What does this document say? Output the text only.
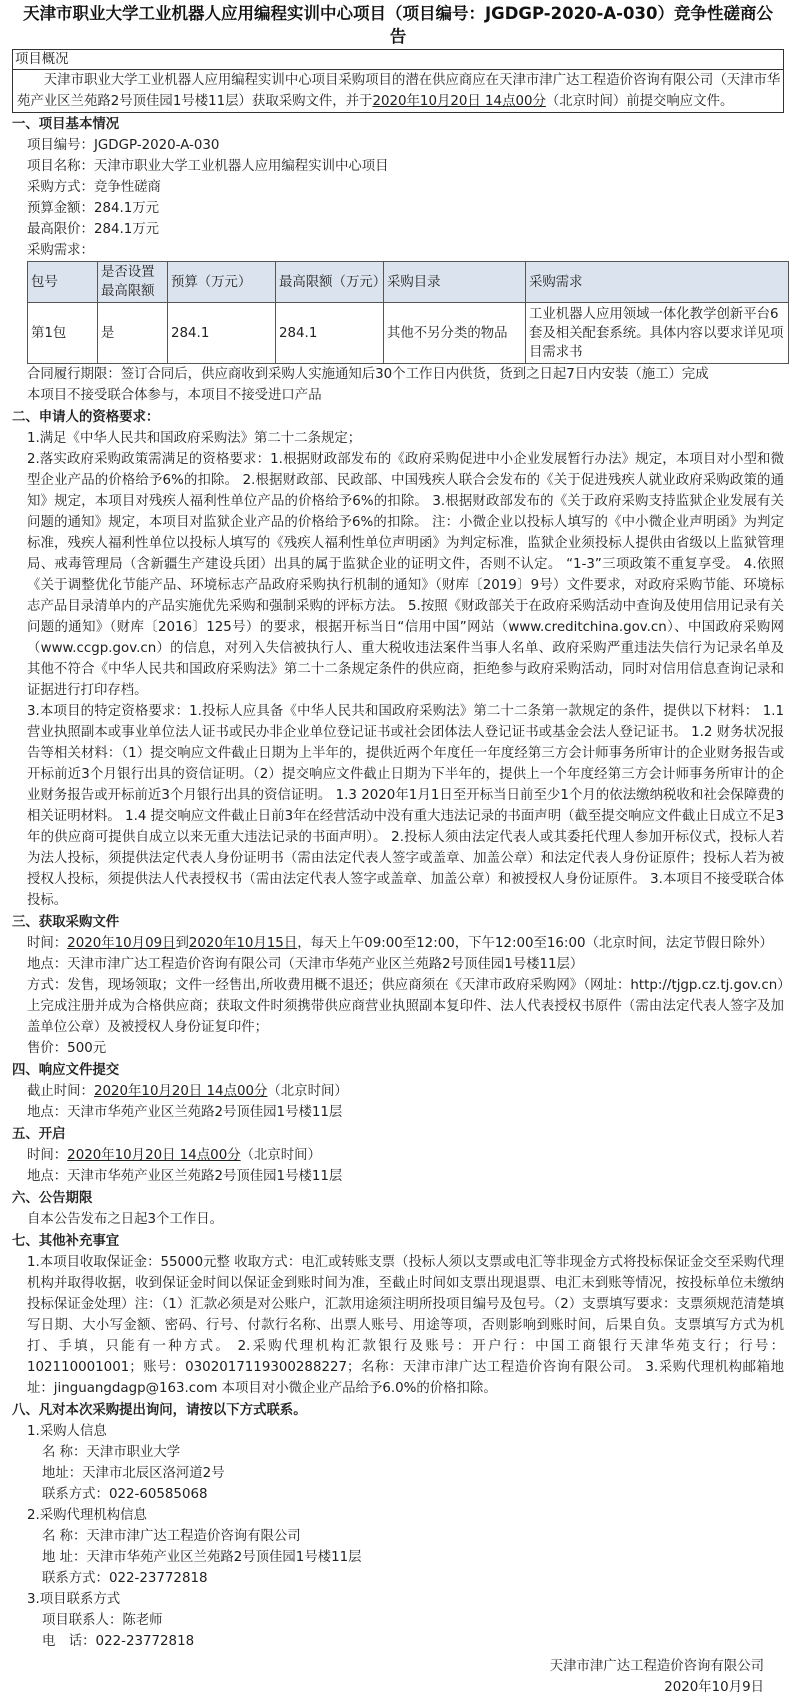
天津市职业大学工业机器人应用编程实训中心项目（项目编号：JGDGP-2020-A-030）竞争性磋商公告
项目概况
天津市职业大学工业机器人应用编程实训中心项目采购项目的潜在供应商应在天津市津广达工程造价咨询有限公司（天津市华苑产业区兰苑路2号顶佳园1号楼11层）获取采购文件，并于2020年10月20日 14点00分（北京时间）前提交响应文件。
一、项目基本情况
项目编号：JGDGP-2020-A-030
项目名称：天津市职业大学工业机器人应用编程实训中心项目
采购方式：竞争性磋商
预算金额：284.1万元
最高限价：284.1万元
采购需求：
包号	是否设置最高限额	预算（万元）	最高限额（万元）	采购目录	采购需求
第1包	是	284.1	284.1	其他不另分类的物品	工业机器人应用领域一体化教学创新平台6套及相关配套系统。具体内容以要求详见项目需求书
合同履行期限：签订合同后，供应商收到采购人实施通知后30个工作日内供货，货到之日起7日内安装（施工）完成
本项目不接受联合体参与，本项目不接受进口产品
二、申请人的资格要求：
1.满足《中华人民共和国政府采购法》第二十二条规定；
2.落实政府采购政策需满足的资格要求：1.根据财政部发布的《政府采购促进中小企业发展暂行办法》规定，本项目对小型和微型企业产品的价格给予6%的扣除。 2.根据财政部、民政部、中国残疾人联合会发布的《关于促进残疾人就业政府采购政策的通知》规定，本项目对残疾人福利性单位产品的价格给予6%的扣除。 3.根据财政部发布的《关于政府采购支持监狱企业发展有关问题的通知》规定，本项目对监狱企业产品的价格给予6%的扣除。 注：小微企业以投标人填写的《中小微企业声明函》为判定标准，残疾人福利性单位以投标人填写的《残疾人福利性单位声明函》为判定标准，监狱企业须投标人提供由省级以上监狱管理局、戒毒管理局（含新疆生产建设兵团）出具的属于监狱企业的证明文件，否则不认定。 “1-3”三项政策不重复享受。 4.依照《关于调整优化节能产品、环境标志产品政府采购执行机制的通知》（财库〔2019〕9号）文件要求，对政府采购节能、环境标志产品目录清单内的产品实施优先采购和强制采购的评标方法。 5.按照《财政部关于在政府采购活动中查询及使用信用记录有关问题的通知》（财库〔2016〕125号）的要求，根据开标当日“信用中国”网站（www.creditchina.gov.cn）、中国政府采购网（www.ccgp.gov.cn）的信息，对列入失信被执行人、重大税收违法案件当事人名单、政府采购严重违法失信行为记录名单及其他不符合《中华人民共和国政府采购法》第二十二条规定条件的供应商，拒绝参与政府采购活动，同时对信用信息查询记录和证据进行打印存档。
3.本项目的特定资格要求：1.投标人应具备《中华人民共和国政府采购法》第二十二条第一款规定的条件，提供以下材料： 1.1营业执照副本或事业单位法人证书或民办非企业单位登记证书或社会团体法人登记证书或基金会法人登记证书。 1.2 财务状况报告等相关材料：（1）提交响应文件截止日期为上半年的，提供近两个年度任一年度经第三方会计师事务所审计的企业财务报告或开标前近3个月银行出具的资信证明。（2）提交响应文件截止日期为下半年的，提供上一个年度经第三方会计师事务所审计的企业财务报告或开标前近3个月银行出具的资信证明。 1.3 2020年1月1日至开标当日前至少1个月的依法缴纳税收和社会保障费的相关证明材料。 1.4 提交响应文件截止日前3年在经营活动中没有重大违法记录的书面声明（截至提交响应文件截止日成立不足3年的供应商可提供自成立以来无重大违法记录的书面声明）。 2.投标人须由法定代表人或其委托代理人参加开标仪式，投标人若为法人投标，须提供法定代表人身份证明书（需由法定代表人签字或盖章、加盖公章）和法定代表人身份证原件；投标人若为被授权人投标，须提供法人代表授权书（需由法定代表人签字或盖章、加盖公章）和被授权人身份证原件。 3.本项目不接受联合体投标。
三、获取采购文件
时间：2020年10月09日到2020年10月15日，每天上午09:00至12:00，下午12:00至16:00（北京时间，法定节假日除外）
地点：天津市津广达工程造价咨询有限公司（天津市华苑产业区兰苑路2号顶佳园1号楼11层）
方式：发售，现场领取；文件一经售出,所收费用概不退还；供应商须在《天津市政府采购网》（网址：http://tjgp.cz.tj.gov.cn）上完成注册并成为合格供应商；获取文件时须携带供应商营业执照副本复印件、法人代表授权书原件（需由法定代表人签字及加盖单位公章）及被授权人身份证复印件；
售价：500元
四、响应文件提交
截止时间：2020年10月20日 14点00分（北京时间）
地点：天津市华苑产业区兰苑路2号顶佳园1号楼11层
五、开启
时间：2020年10月20日 14点00分（北京时间）
地点：天津市华苑产业区兰苑路2号顶佳园1号楼11层
六、公告期限
自本公告发布之日起3个工作日。
七、其他补充事宜
1.本项目收取保证金：55000元整 收取方式：电汇或转账支票（投标人须以支票或电汇等非现金方式将投标保证金交至采购代理机构并取得收据，收到保证金时间以保证金到账时间为准，至截止时间如支票出现退票、电汇未到账等情况，按投标单位未缴纳投标保证金处理）注：（1）汇款必须是对公账户，汇款用途须注明所投项目编号及包号。（2）支票填写要求：支票须规范清楚填写日期、大小写金额、密码、行号、付款行名称、出票人账号、用途等项，否则影响到账时间，后果自负。支票填写方式为机打、手填，只能有一种方式。 2.采购代理机构汇款银行及账号：开户行：中国工商银行天津华苑支行；行号：102110001001；账号：0302017119300288227；名称：天津市津广达工程造价咨询有限公司。 3.采购代理机构邮箱地址：jinguangdagp@163.com 本项目对小微企业产品给予6.0%的价格扣除。
八、凡对本次采购提出询问，请按以下方式联系。
1.采购人信息
名 称：天津市职业大学
地址：天津市北辰区洛河道2号
联系方式：022-60585068
2.采购代理机构信息
名 称：天津市津广达工程造价咨询有限公司
地 址：天津市华苑产业区兰苑路2号顶佳园1号楼11层
联系方式：022-23772818
3.项目联系方式
项目联系人：陈老师
电　话：022-23772818
天津市津广达工程造价咨询有限公司
2020年10月9日
